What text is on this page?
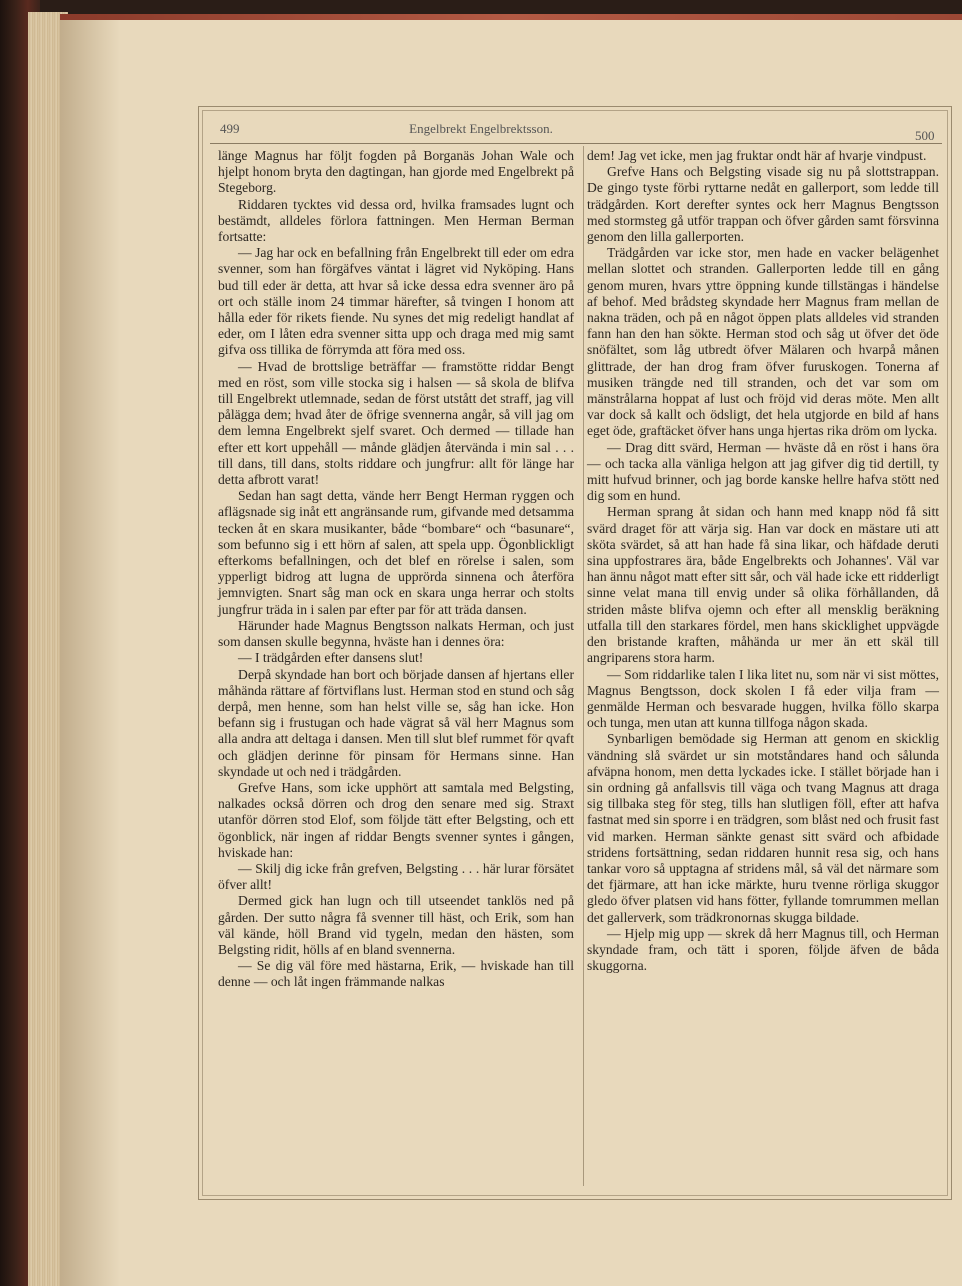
499	Engelbrekt Engelbrektsson.	500

länge Magnus har följt fogden på Borganäs Johan Wale och hjelpt honom bryta den dagtingan, han gjorde med Engelbrekt på Stegeborg.

Riddaren tycktes vid dessa ord, hvilka framsades lugnt och bestämdt, alldeles förlora fattningen. Men Herman Berman fortsatte:

— Jag har ock en befallning från Engelbrekt till eder om edra svenner, som han förgäfves väntat i lägret vid Nyköping. Hans bud till eder är detta, att hvar så icke dessa edra svenner äro på ort och ställe inom 24 timmar härefter, så tvingen I honom att hålla eder för rikets fiende. Nu synes det mig redeligt handlat af eder, om I låten edra svenner sitta upp och draga med mig samt gifva oss tillika de förrymda att föra med oss.

— Hvad de brottslige beträffar — framstötte riddar Bengt med en röst, som ville stocka sig i halsen — så skola de blifva till Engelbrekt utlemnade, sedan de först utstått det straff, jag vill pålägga dem; hvad åter de öfrige svennerna angår, så vill jag om dem lemna Engelbrekt sjelf svaret. Och dermed — tillade han efter ett kort uppehåll — månde glädjen återvända i min sal . . . till dans, till dans, stolts riddare och jungfrur: allt för länge har detta afbrott varat!

Sedan han sagt detta, vände herr Bengt Herman ryggen och aflägsnade sig inåt ett angränsande rum, gifvande med detsamma tecken åt en skara musikanter, både “bombare“ och “basunare“, som befunno sig i ett hörn af salen, att spela upp. Ögonblickligt efterkoms befallningen, och det blef en rörelse i salen, som ypperligt bidrog att lugna de upprörda sinnena och återföra jemnvigten. Snart såg man ock en skara unga herrar och stolts jungfrur träda in i salen par efter par för att träda dansen.

Härunder hade Magnus Bengtsson nalkats Herman, och just som dansen skulle begynna, hväste han i dennes öra:

— I trädgården efter dansens slut!

Derpå skyndade han bort och började dansen af hjertans eller måhända rättare af förtviflans lust. Herman stod en stund och såg derpå, men henne, som han helst ville se, såg han icke. Hon befann sig i frustugan och hade vägrat så väl herr Magnus som alla andra att deltaga i dansen. Men till slut blef rummet för qvaft och glädjen derinne för pinsam för Hermans sinne. Han skyndade ut och ned i trädgården.

Grefve Hans, som icke upphört att samtala med Belgsting, nalkades också dörren och drog den senare med sig. Straxt utanför dörren stod Elof, som följde tätt efter Belgsting, och ett ögonblick, när ingen af riddar Bengts svenner syntes i gången, hviskade han:

— Skilj dig icke från grefven, Belgsting . . . här lurar försätet öfver allt!

Dermed gick han lugn och till utseendet tanklös ned på gården. Der sutto några få svenner till häst, och Erik, som han väl kände, höll Brand vid tygeln, medan den hästen, som Belgsting ridit, hölls af en bland svennerna.

— Se dig väl före med hästarna, Erik, — hviskade han till denne — och låt ingen främmande nalkas

dem! Jag vet icke, men jag fruktar ondt här af hvarje vindpust.

Grefve Hans och Belgsting visade sig nu på slottstrappan. De gingo tyste förbi ryttarne nedåt en gallerport, som ledde till trädgården. Kort derefter syntes ock herr Magnus Bengtsson med stormsteg gå utför trappan och öfver gården samt försvinna genom den lilla gallerporten.

Trädgården var icke stor, men hade en vacker belägenhet mellan slottet och stranden. Gallerporten ledde till en gång genom muren, hvars yttre öppning kunde tillstängas i händelse af behof. Med brådsteg skyndade herr Magnus fram mellan de nakna träden, och på en något öppen plats alldeles vid stranden fann han den han sökte. Herman stod och såg ut öfver det öde snöfältet, som låg utbredt öfver Mälaren och hvarpå månen glittrade, der han drog fram öfver furuskogen. Tonerna af musiken trängde ned till stranden, och det var som om mänstrålarna hoppat af lust och fröjd vid deras möte. Men allt var dock så kallt och ödsligt, det hela utgjorde en bild af hans eget öde, graftäcket öfver hans unga hjertas rika dröm om lycka.

— Drag ditt svärd, Herman — hväste då en röst i hans öra — och tacka alla vänliga helgon att jag gifver dig tid dertill, ty mitt hufvud brinner, och jag borde kanske hellre hafva stött ned dig som en hund.

Herman sprang åt sidan och hann med knapp nöd få sitt svärd draget för att värja sig. Han var dock en mästare uti att sköta svärdet, så att han hade få sina likar, och häfdade deruti sina uppfostrares ära, både Engelbrekts och Johannes'. Väl var han ännu något matt efter sitt sår, och väl hade icke ett ridderligt sinne velat mana till envig under så olika förhållanden, då striden måste blifva ojemn och efter all mensklig beräkning utfalla till den starkares fördel, men hans skicklighet uppvägde den bristande kraften, måhända ur mer än ett skäl till angriparens stora harm.

— Som riddarlike talen I lika litet nu, som när vi sist möttes, Magnus Bengtsson, dock skolen I få eder vilja fram — genmälde Herman och besvarade huggen, hvilka föllo skarpa och tunga, men utan att kunna tillfoga någon skada.

Synbarligen bemödade sig Herman att genom en skicklig vändning slå svärdet ur sin motståndares hand och sålunda afväpna honom, men detta lyckades icke. I stället började han i sin ordning gå anfallsvis till väga och tvang Magnus att draga sig tillbaka steg för steg, tills han slutligen föll, efter att hafva fastnat med sin sporre i en trädgren, som blåst ned och frusit fast vid marken. Herman sänkte genast sitt svärd och afbidade stridens fortsättning, sedan riddaren hunnit resa sig, och hans tankar voro så upptagna af stridens mål, så väl det närmare som det fjärmare, att han icke märkte, huru tvenne rörliga skuggor gledo öfver platsen vid hans fötter, fyllande tomrummen mellan det gallerverk, som trädkronornas skugga bildade.

— Hjelp mig upp — skrek då herr Magnus till, och Herman skyndade fram, och tätt i sporen, följde äfven de båda skuggorna.
